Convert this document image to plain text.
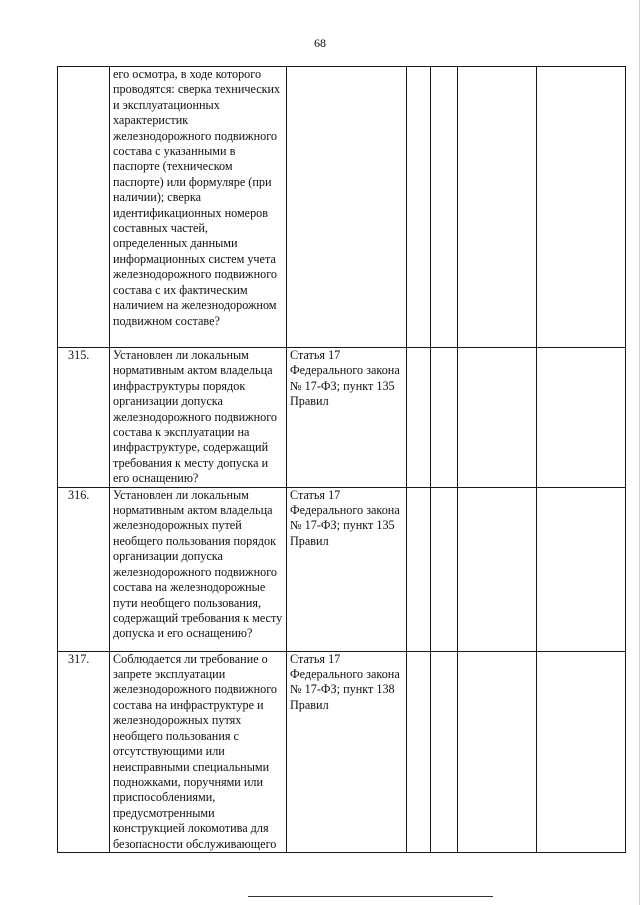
68
	его осмотра, в ходе которого проводятся: сверка технических и эксплуатационных характеристик железнодорожного подвижного состава с указанными в паспорте (техническом паспорте) или формуляре (при наличии); сверка идентификационных номеров составных частей, определенных данными информационных систем учета железнодорожного подвижного состава с их фактическим наличием на железнодорожном подвижном составе?					
315.	Установлен ли локальным нормативным актом владельца инфраструктуры порядок организации допуска железнодорожного подвижного состава к эксплуатации на инфраструктуре, содержащий требования к месту допуска и его оснащению?	Статья 17 Федерального закона № 17-ФЗ; пункт 135 Правил				
316.	Установлен ли локальным нормативным актом владельца железнодорожных путей необщего пользования порядок организации допуска железнодорожного подвижного состава на железнодорожные пути необщего пользования, содержащий требования к месту допуска и его оснащению?	Статья 17 Федерального закона № 17-ФЗ; пункт 135 Правил				
317.	Соблюдается ли требование о запрете эксплуатации железнодорожного подвижного состава на инфраструктуре и железнодорожных путях необщего пользования с отсутствующими или неисправными специальными подножками, поручнями или приспособлениями, предусмотренными конструкцией локомотива для безопасности обслуживающего	Статья 17 Федерального закона № 17-ФЗ; пункт 138 Правил				
